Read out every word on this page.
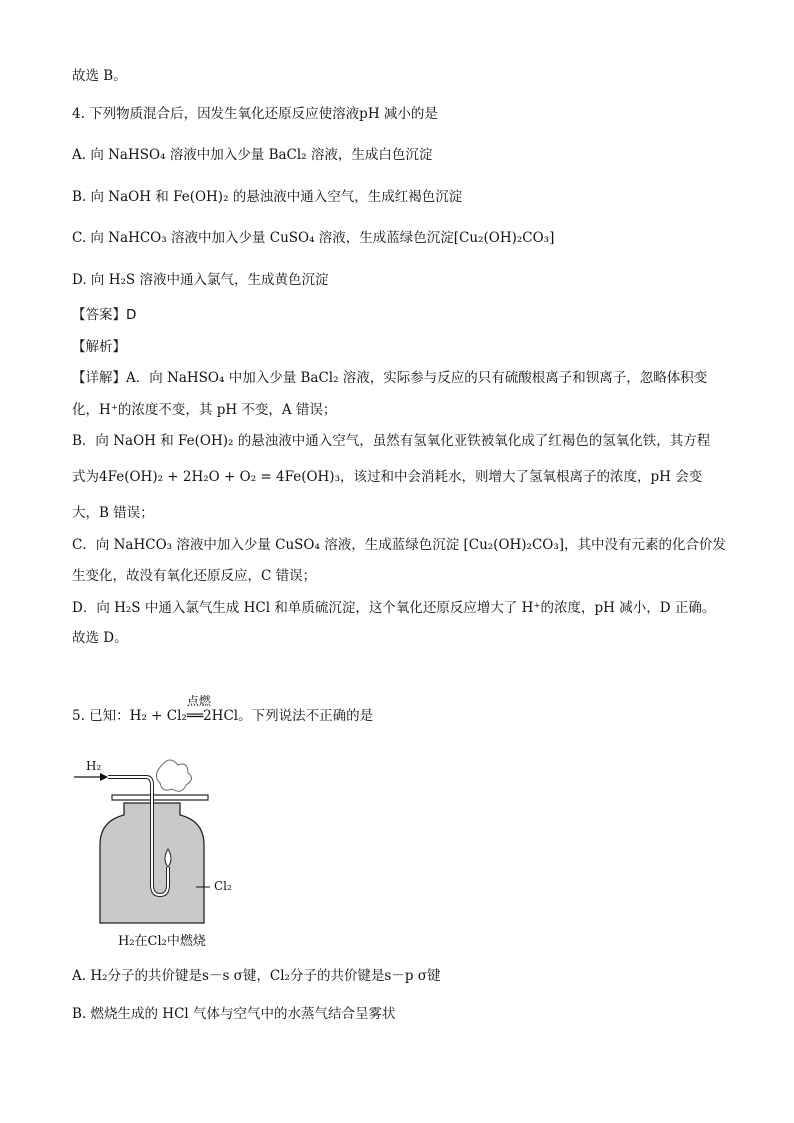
故选 B。
4. 下列物质混合后，因发生氧化还原反应使溶液pH 减小的是
A. 向 NaHSO₄ 溶液中加入少量 BaCl₂ 溶液，生成白色沉淀
B. 向 NaOH 和 Fe(OH)₂ 的悬浊液中通入空气，生成红褐色沉淀
C. 向 NaHCO₃ 溶液中加入少量 CuSO₄ 溶液，生成蓝绿色沉淀[Cu₂(OH)₂CO₃]
D. 向 H₂S 溶液中通入氯气，生成黄色沉淀
【答案】D
【解析】
【详解】A．向 NaHSO₄ 中加入少量 BaCl₂ 溶液，实际参与反应的只有硫酸根离子和钡离子，忽略体积变
化，H⁺的浓度不变，其 pH 不变，A 错误；
B．向 NaOH 和 Fe(OH)₂ 的悬浊液中通入空气，虽然有氢氧化亚铁被氧化成了红褐色的氢氧化铁，其方程
式为4Fe(OH)₂ + 2H₂O + O₂ = 4Fe(OH)₃，该过和中会消耗水，则增大了氢氧根离子的浓度，pH 会变
大，B 错误；
C．向 NaHCO₃ 溶液中加入少量 CuSO₄ 溶液，生成蓝绿色沉淀 [Cu₂(OH)₂CO₃]，其中没有元素的化合价发
生变化，故没有氧化还原反应，C 错误；
D．向 H₂S 中通入氯气生成 HCl 和单质硫沉淀，这个氧化还原反应增大了 H⁺的浓度，pH 减小，D 正确。
故选 D。
5. 已知：H₂ + Cl₂
点燃
══2HCl。下列说法不正确的是
H₂
Cl₂
H₂在Cl₂中燃烧
A. H₂分子的共价键是s－s σ键，Cl₂分子的共价键是s－p σ键
B. 燃烧生成的 HCl 气体与空气中的水蒸气结合呈雾状
